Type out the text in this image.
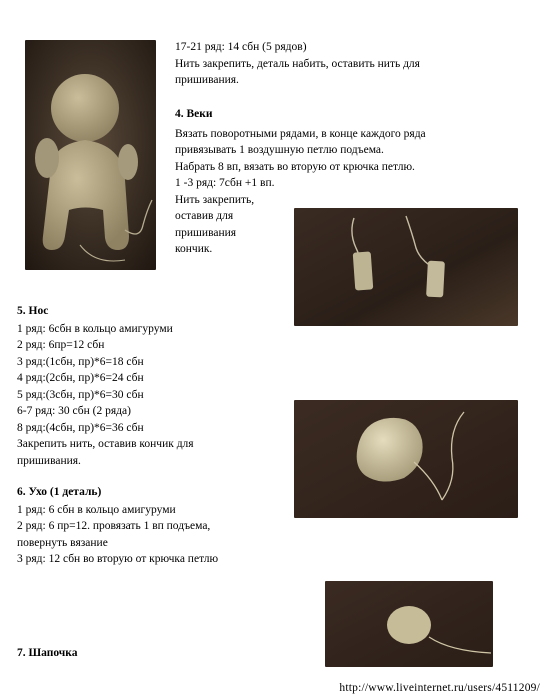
17-21 ряд: 14 сбн (5 рядов)
Нить закрепить, деталь набить, оставить нить для
пришивания.
4. Веки
Вязать поворотными рядами, в конце каждого ряда
привязывать 1 воздушную петлю подъема.
Набрать 8 вп, вязать во вторую от крючка петлю.
1 -3 ряд: 7сбн +1 вп.
Нить закрепить,
оставив для
пришивания
кончик.
5. Нос
1 ряд: 6сбн в кольцо амигуруми
2 ряд: 6пр=12 сбн
3 ряд:(1сбн, пр)*6=18 сбн
4 ряд:(2сбн, пр)*6=24 сбн
5 ряд:(3сбн, пр)*6=30 сбн
6-7 ряд: 30 сбн (2 ряда)
8 ряд:(4сбн, пр)*6=36 сбн
Закрепить нить, оставив кончик для
пришивания.
6. Ухо (1 деталь)
1 ряд: 6 сбн в кольцо амигуруми
2 ряд: 6 пр=12. провязать 1 вп подъема,
повернуть вязание
3 ряд: 12 сбн во вторую от крючка петлю
7. Шапочка
http://www.liveinternet.ru/users/4511209/
